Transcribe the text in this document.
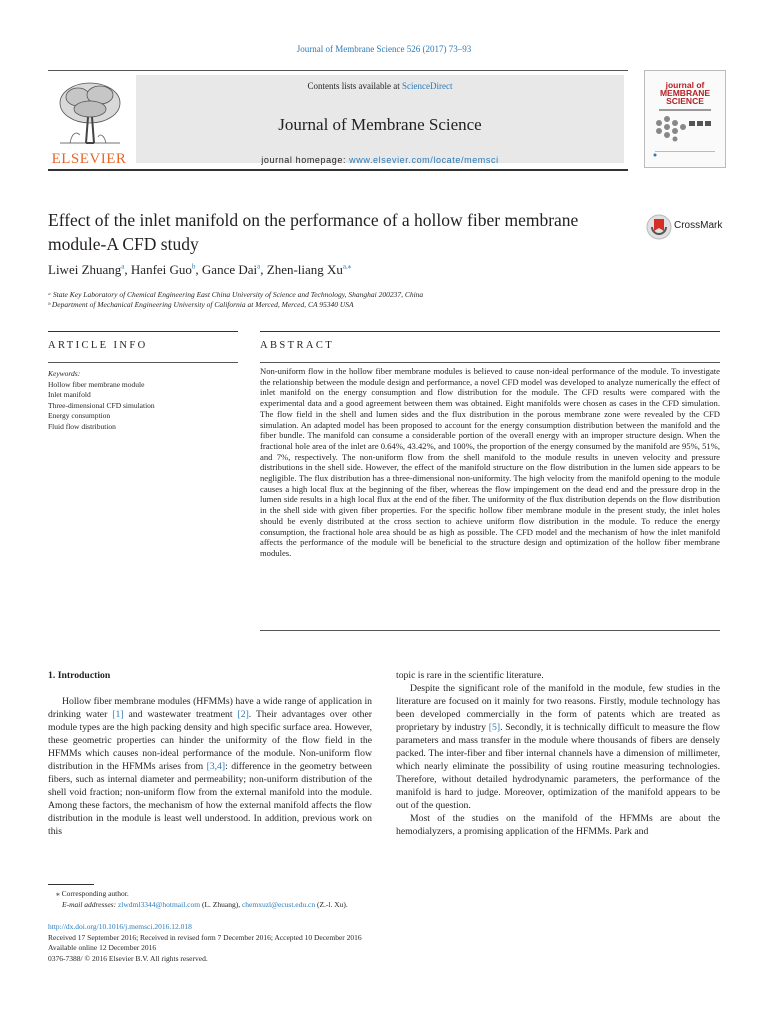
Journal of Membrane Science 526 (2017) 73–93
ELSEVIER
Contents lists available at ScienceDirect
Journal of Membrane Science
journal homepage: www.elsevier.com/locate/memsci
journal of
MEMBRANE
SCIENCE
Effect of the inlet manifold on the performance of a hollow fiber membrane module-A CFD study
CrossMark
Liwei Zhuang$^a$, Hanfei Guo$^b$, Gance Dai$^a$, Zhen-liang $Xu^{a,⁎}$
ᵃ State Key Laboratory of Chemical Engineering East China University of Science and Technology, Shanghai 200237, China
ᵇ Department of Mechanical Engineering University of California at Merced, Merced, CA 95340 USA
ARTICLE INFO	ABSTRACT
Keywords:
Hollow fiber membrane module
Inlet manifold
Three-dimensional CFD simulation
Energy consumption
Fluid flow distribution
Non-uniform flow in the hollow fiber membrane modules is believed to cause non-ideal performance of the module. To investigate the relationship between the module design and performance, a novel CFD model was developed to analyze numerically the effect of inlet manifold on the energy consumption and flow distribution for the module. The CFD results were compared with the experimental data and a good agreement between them was obtained. Eight manifolds were chosen as cases in the CFD simulation. The flow field in the shell and lumen sides and the flux distribution in the porous membrane zone were revealed by the CFD simulation. An adapted model has been proposed to account for the energy consumption distribution between the manifold and the fiber bundle. The manifold can consume a considerable portion of the overall energy with an improper structure design. When the fractional hole area of the inlet are 0.64%, 43.42%, and 100%, the proportion of the energy consumed by the manifold are 95%, 51%, and 7%, respectively. The non-uniform flow from the shell manifold to the module results in uneven velocity and pressure distributions in the shell side. However, the effect of the manifold structure on the flow distribution in the lumen side appears to be negligible. The flux distribution has a three-dimensional non-uniformity. The high velocity from the manifold opening to the module causes a high local flux at the beginning of the fiber, whereas the flow impingement on the dead end and the pressure drop in the lumen side results in a high local flux at the end of the fiber. The uniformity of the flux distribution depends on the flow distribution in the shell side with given fiber properties. For the specific hollow fiber membrane module in the present study, the inlet holes should be evenly distributed at the cross section to achieve uniform flow distribution in the module. To reduce the energy consumption, the fractional hole area should be as high as possible. The CFD model and the mechanism of how the inlet manifold affects the performance of the module will be beneficial to the structure design and optimization of the hollow fiber membrane modules.
1. Introduction

Hollow fiber membrane modules (HFMMs) have a wide range of application in drinking water [1] and wastewater treatment [2]. Their advantages over other module types are the high packing density and high specific surface area. However, these geometric properties can hinder the uniformity of the flow field in the HFMMs which causes non-ideal performance of the module. Non-uniform flow distribution in the HFMMs arises from [3,4]: difference in the geometry between fibers, such as internal diameter and permeability; non-uniform distribution of the shell void fraction; non-uniform flow from the external manifold into the module. Among these factors, the mechanism of how the external manifold affects the flow distribution in the module is least well understood. In addition, previous work on this

topic is rare in the scientific literature.

Despite the significant role of the manifold in the module, few studies in the literature are focused on it mainly for two reasons. Firstly, module technology has been developed commercially in the form of patents which are treated as proprietary by industry [5]. Secondly, it is technically difficult to measure the flow parameters and mass transfer in the module where thousands of fibers are densely packed. The inter-fiber and fiber internal channels have a dimension of millimeter, which nearly eliminate the possibility of using routine measuring technologies. Therefore, without detailed hydrodynamic parameters, the performance of the manifold is hard to judge. Moreover, optimization of the manifold appears to be out of the question.

Most of the studies on the manifold of the HFMMs are about the hemodialyzers, a promising application of the HFMMs. Park and

⁎ Corresponding author.
E-mail addresses: zlwdml3344@hotmail.com (L. Zhuang), chemxuzl@ecust.edu.cn (Z.-l. Xu).
http://dx.doi.org/10.1016/j.memsci.2016.12.018
Received 17 September 2016; Received in revised form 7 December 2016; Accepted 10 December 2016
Available online 12 December 2016
0376-7388/ © 2016 Elsevier B.V. All rights reserved.
